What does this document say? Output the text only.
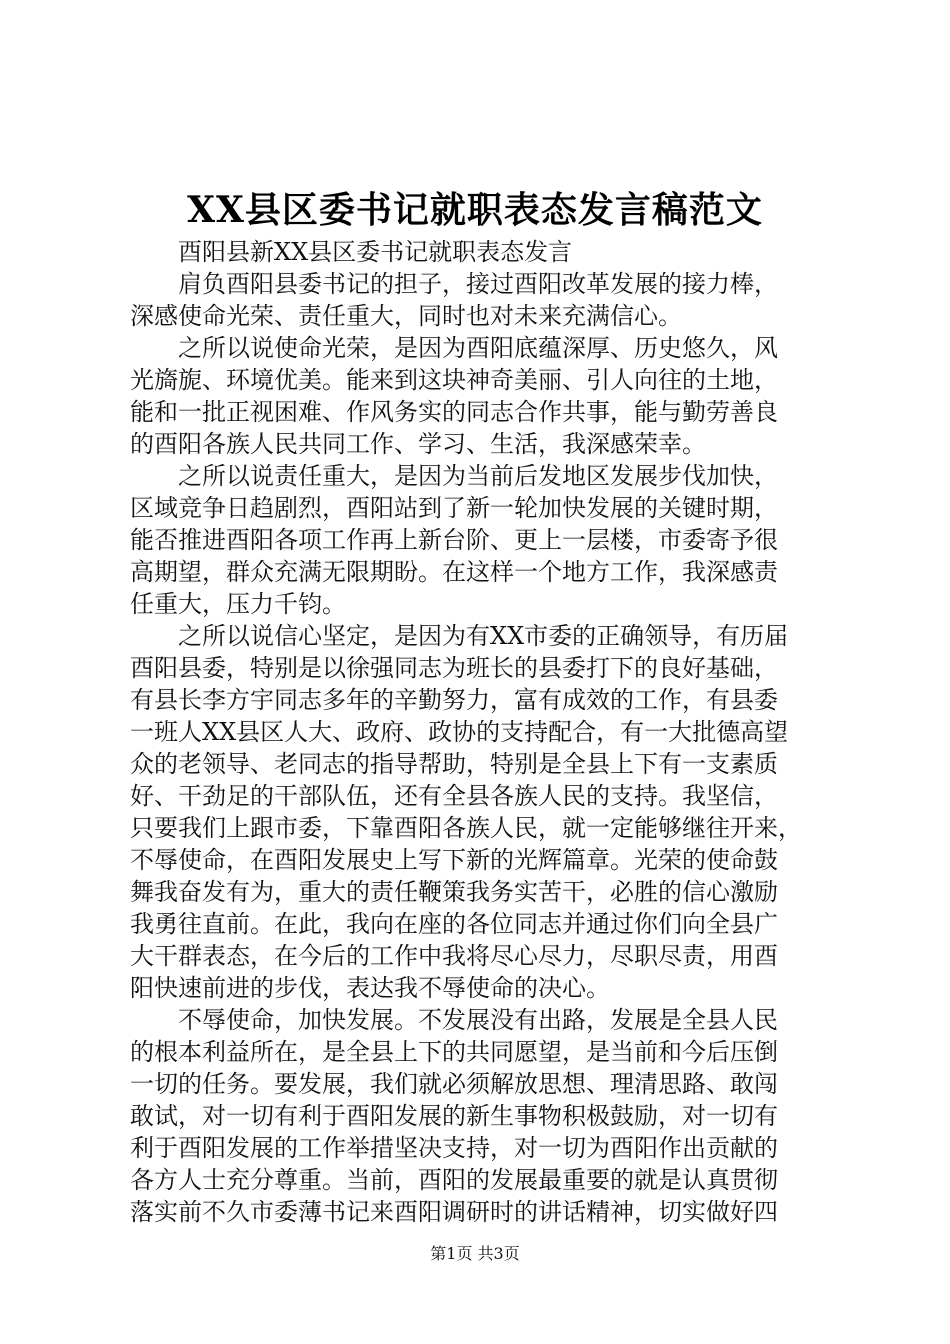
XX县区委书记就职表态发言稿范文
　　酉阳县新XX县区委书记就职表态发言
　　肩负酉阳县委书记的担子，接过酉阳改革发展的接力棒，
深感使命光荣、责任重大，同时也对未来充满信心。
　　之所以说使命光荣，是因为酉阳底蕴深厚、历史悠久，风
光旖旎、环境优美。能来到这块神奇美丽、引人向往的土地，
能和一批正视困难、作风务实的同志合作共事，能与勤劳善良
的酉阳各族人民共同工作、学习、生活，我深感荣幸。
　　之所以说责任重大，是因为当前后发地区发展步伐加快，
区域竞争日趋剧烈，酉阳站到了新一轮加快发展的关键时期，
能否推进酉阳各项工作再上新台阶、更上一层楼，市委寄予很
高期望，群众充满无限期盼。在这样一个地方工作，我深感责
任重大，压力千钧。
　　之所以说信心坚定，是因为有XX市委的正确领导，有历届
酉阳县委，特别是以徐强同志为班长的县委打下的良好基础，
有县长李方宇同志多年的辛勤努力，富有成效的工作，有县委
一班人XX县区人大、政府、政协的支持配合，有一大批德高望
众的老领导、老同志的指导帮助，特别是全县上下有一支素质
好、干劲足的干部队伍，还有全县各族人民的支持。我坚信，
只要我们上跟市委，下靠酉阳各族人民，就一定能够继往开来，
不辱使命，在酉阳发展史上写下新的光辉篇章。光荣的使命鼓
舞我奋发有为，重大的责任鞭策我务实苦干，必胜的信心激励
我勇往直前。在此，我向在座的各位同志并通过你们向全县广
大干群表态，在今后的工作中我将尽心尽力，尽职尽责，用酉
阳快速前进的步伐，表达我不辱使命的决心。
　　不辱使命，加快发展。不发展没有出路，发展是全县人民
的根本利益所在，是全县上下的共同愿望，是当前和今后压倒
一切的任务。要发展，我们就必须解放思想、理清思路、敢闯
敢试，对一切有利于酉阳发展的新生事物积极鼓励，对一切有
利于酉阳发展的工作举措坚决支持，对一切为酉阳作出贡献的
各方人士充分尊重。当前，酉阳的发展最重要的就是认真贯彻
落实前不久市委薄书记来酉阳调研时的讲话精神，切实做好四
第1页 共3页
